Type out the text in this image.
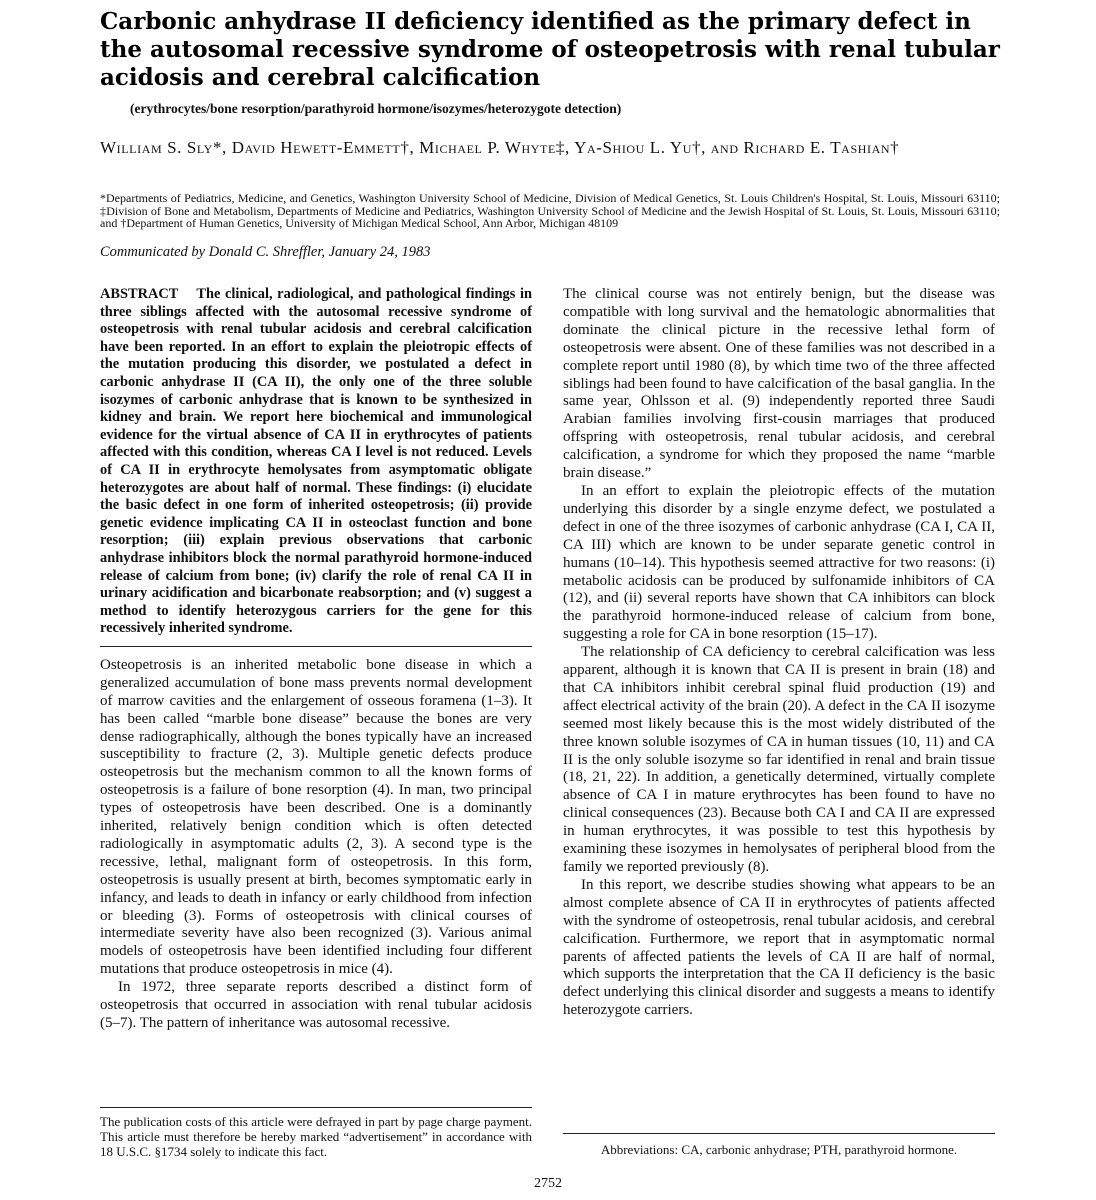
Carbonic anhydrase II deficiency identified as the primary defect in the autosomal recessive syndrome of osteopetrosis with renal tubular acidosis and cerebral calcification
(erythrocytes/bone resorption/parathyroid hormone/isozymes/heterozygote detection)
William S. Sly*, David Hewett-Emmett†, Michael P. Whyte‡, Ya-Shiou L. Yu†, and Richard E. Tashian†
*Departments of Pediatrics, Medicine, and Genetics, Washington University School of Medicine, Division of Medical Genetics, St. Louis Children's Hospital, St. Louis, Missouri 63110; ‡Division of Bone and Metabolism, Departments of Medicine and Pediatrics, Washington University School of Medicine and the Jewish Hospital of St. Louis, St. Louis, Missouri 63110; and †Department of Human Genetics, University of Michigan Medical School, Ann Arbor, Michigan 48109
Communicated by Donald C. Shreffler, January 24, 1983

ABSTRACT The clinical, radiological, and pathological findings in three siblings affected with the autosomal recessive syndrome of osteopetrosis with renal tubular acidosis and cerebral calcification have been reported. In an effort to explain the pleiotropic effects of the mutation producing this disorder, we postulated a defect in carbonic anhydrase II (CA II), the only one of the three soluble isozymes of carbonic anhydrase that is known to be synthesized in kidney and brain. We report here biochemical and immunological evidence for the virtual absence of CA II in erythrocytes of patients affected with this condition, whereas CA I level is not reduced. Levels of CA II in erythrocyte hemolysates from asymptomatic obligate heterozygotes are about half of normal. These findings: (i) elucidate the basic defect in one form of inherited osteopetrosis; (ii) provide genetic evidence implicating CA II in osteoclast function and bone resorption; (iii) explain previous observations that carbonic anhydrase inhibitors block the normal parathyroid hormone-induced release of calcium from bone; (iv) clarify the role of renal CA II in urinary acidification and bicarbonate reabsorption; and (v) suggest a method to identify heterozygous carriers for the gene for this recessively inherited syndrome.

Osteopetrosis is an inherited metabolic bone disease in which a generalized accumulation of bone mass prevents normal development of marrow cavities and the enlargement of osseous foramena (1–3). It has been called “marble bone disease” because the bones are very dense radiographically, although the bones typically have an increased susceptibility to fracture (2, 3). Multiple genetic defects produce osteopetrosis but the mechanism common to all the known forms of osteopetrosis is a failure of bone resorption (4). In man, two principal types of osteopetrosis have been described. One is a dominantly inherited, relatively benign condition which is often detected radiologically in asymptomatic adults (2, 3). A second type is the recessive, lethal, malignant form of osteopetrosis. In this form, osteopetrosis is usually present at birth, becomes symptomatic early in infancy, and leads to death in infancy or early childhood from infection or bleeding (3). Forms of osteopetrosis with clinical courses of intermediate severity have also been recognized (3). Various animal models of osteopetrosis have been identified including four different mutations that produce osteopetrosis in mice (4).

In 1972, three separate reports described a distinct form of osteopetrosis that occurred in association with renal tubular acidosis (5–7). The pattern of inheritance was autosomal recessive.

The clinical course was not entirely benign, but the disease was compatible with long survival and the hematologic abnormalities that dominate the clinical picture in the recessive lethal form of osteopetrosis were absent. One of these families was not described in a complete report until 1980 (8), by which time two of the three affected siblings had been found to have calcification of the basal ganglia. In the same year, Ohlsson et al. (9) independently reported three Saudi Arabian families involving first-cousin marriages that produced offspring with osteopetrosis, renal tubular acidosis, and cerebral calcification, a syndrome for which they proposed the name “marble brain disease.”

In an effort to explain the pleiotropic effects of the mutation underlying this disorder by a single enzyme defect, we postulated a defect in one of the three isozymes of carbonic anhydrase (CA I, CA II, CA III) which are known to be under separate genetic control in humans (10–14). This hypothesis seemed attractive for two reasons: (i) metabolic acidosis can be produced by sulfonamide inhibitors of CA (12), and (ii) several reports have shown that CA inhibitors can block the parathyroid hormone-induced release of calcium from bone, suggesting a role for CA in bone resorption (15–17).

The relationship of CA deficiency to cerebral calcification was less apparent, although it is known that CA II is present in brain (18) and that CA inhibitors inhibit cerebral spinal fluid production (19) and affect electrical activity of the brain (20). A defect in the CA II isozyme seemed most likely because this is the most widely distributed of the three known soluble isozymes of CA in human tissues (10, 11) and CA II is the only soluble isozyme so far identified in renal and brain tissue (18, 21, 22). In addition, a genetically determined, virtually complete absence of CA I in mature erythrocytes has been found to have no clinical consequences (23). Because both CA I and CA II are expressed in human erythrocytes, it was possible to test this hypothesis by examining these isozymes in hemolysates of peripheral blood from the family we reported previously (8).

In this report, we describe studies showing what appears to be an almost complete absence of CA II in erythrocytes of patients affected with the syndrome of osteopetrosis, renal tubular acidosis, and cerebral calcification. Furthermore, we report that in asymptomatic normal parents of affected patients the levels of CA II are half of normal, which supports the interpretation that the CA II deficiency is the basic defect underlying this clinical disorder and suggests a means to identify heterozygote carriers.

The publication costs of this article were defrayed in part by page charge payment. This article must therefore be hereby marked “advertisement” in accordance with 18 U.S.C. §1734 solely to indicate this fact.	Abbreviations: CA, carbonic anhydrase; PTH, parathyroid hormone.
2752
